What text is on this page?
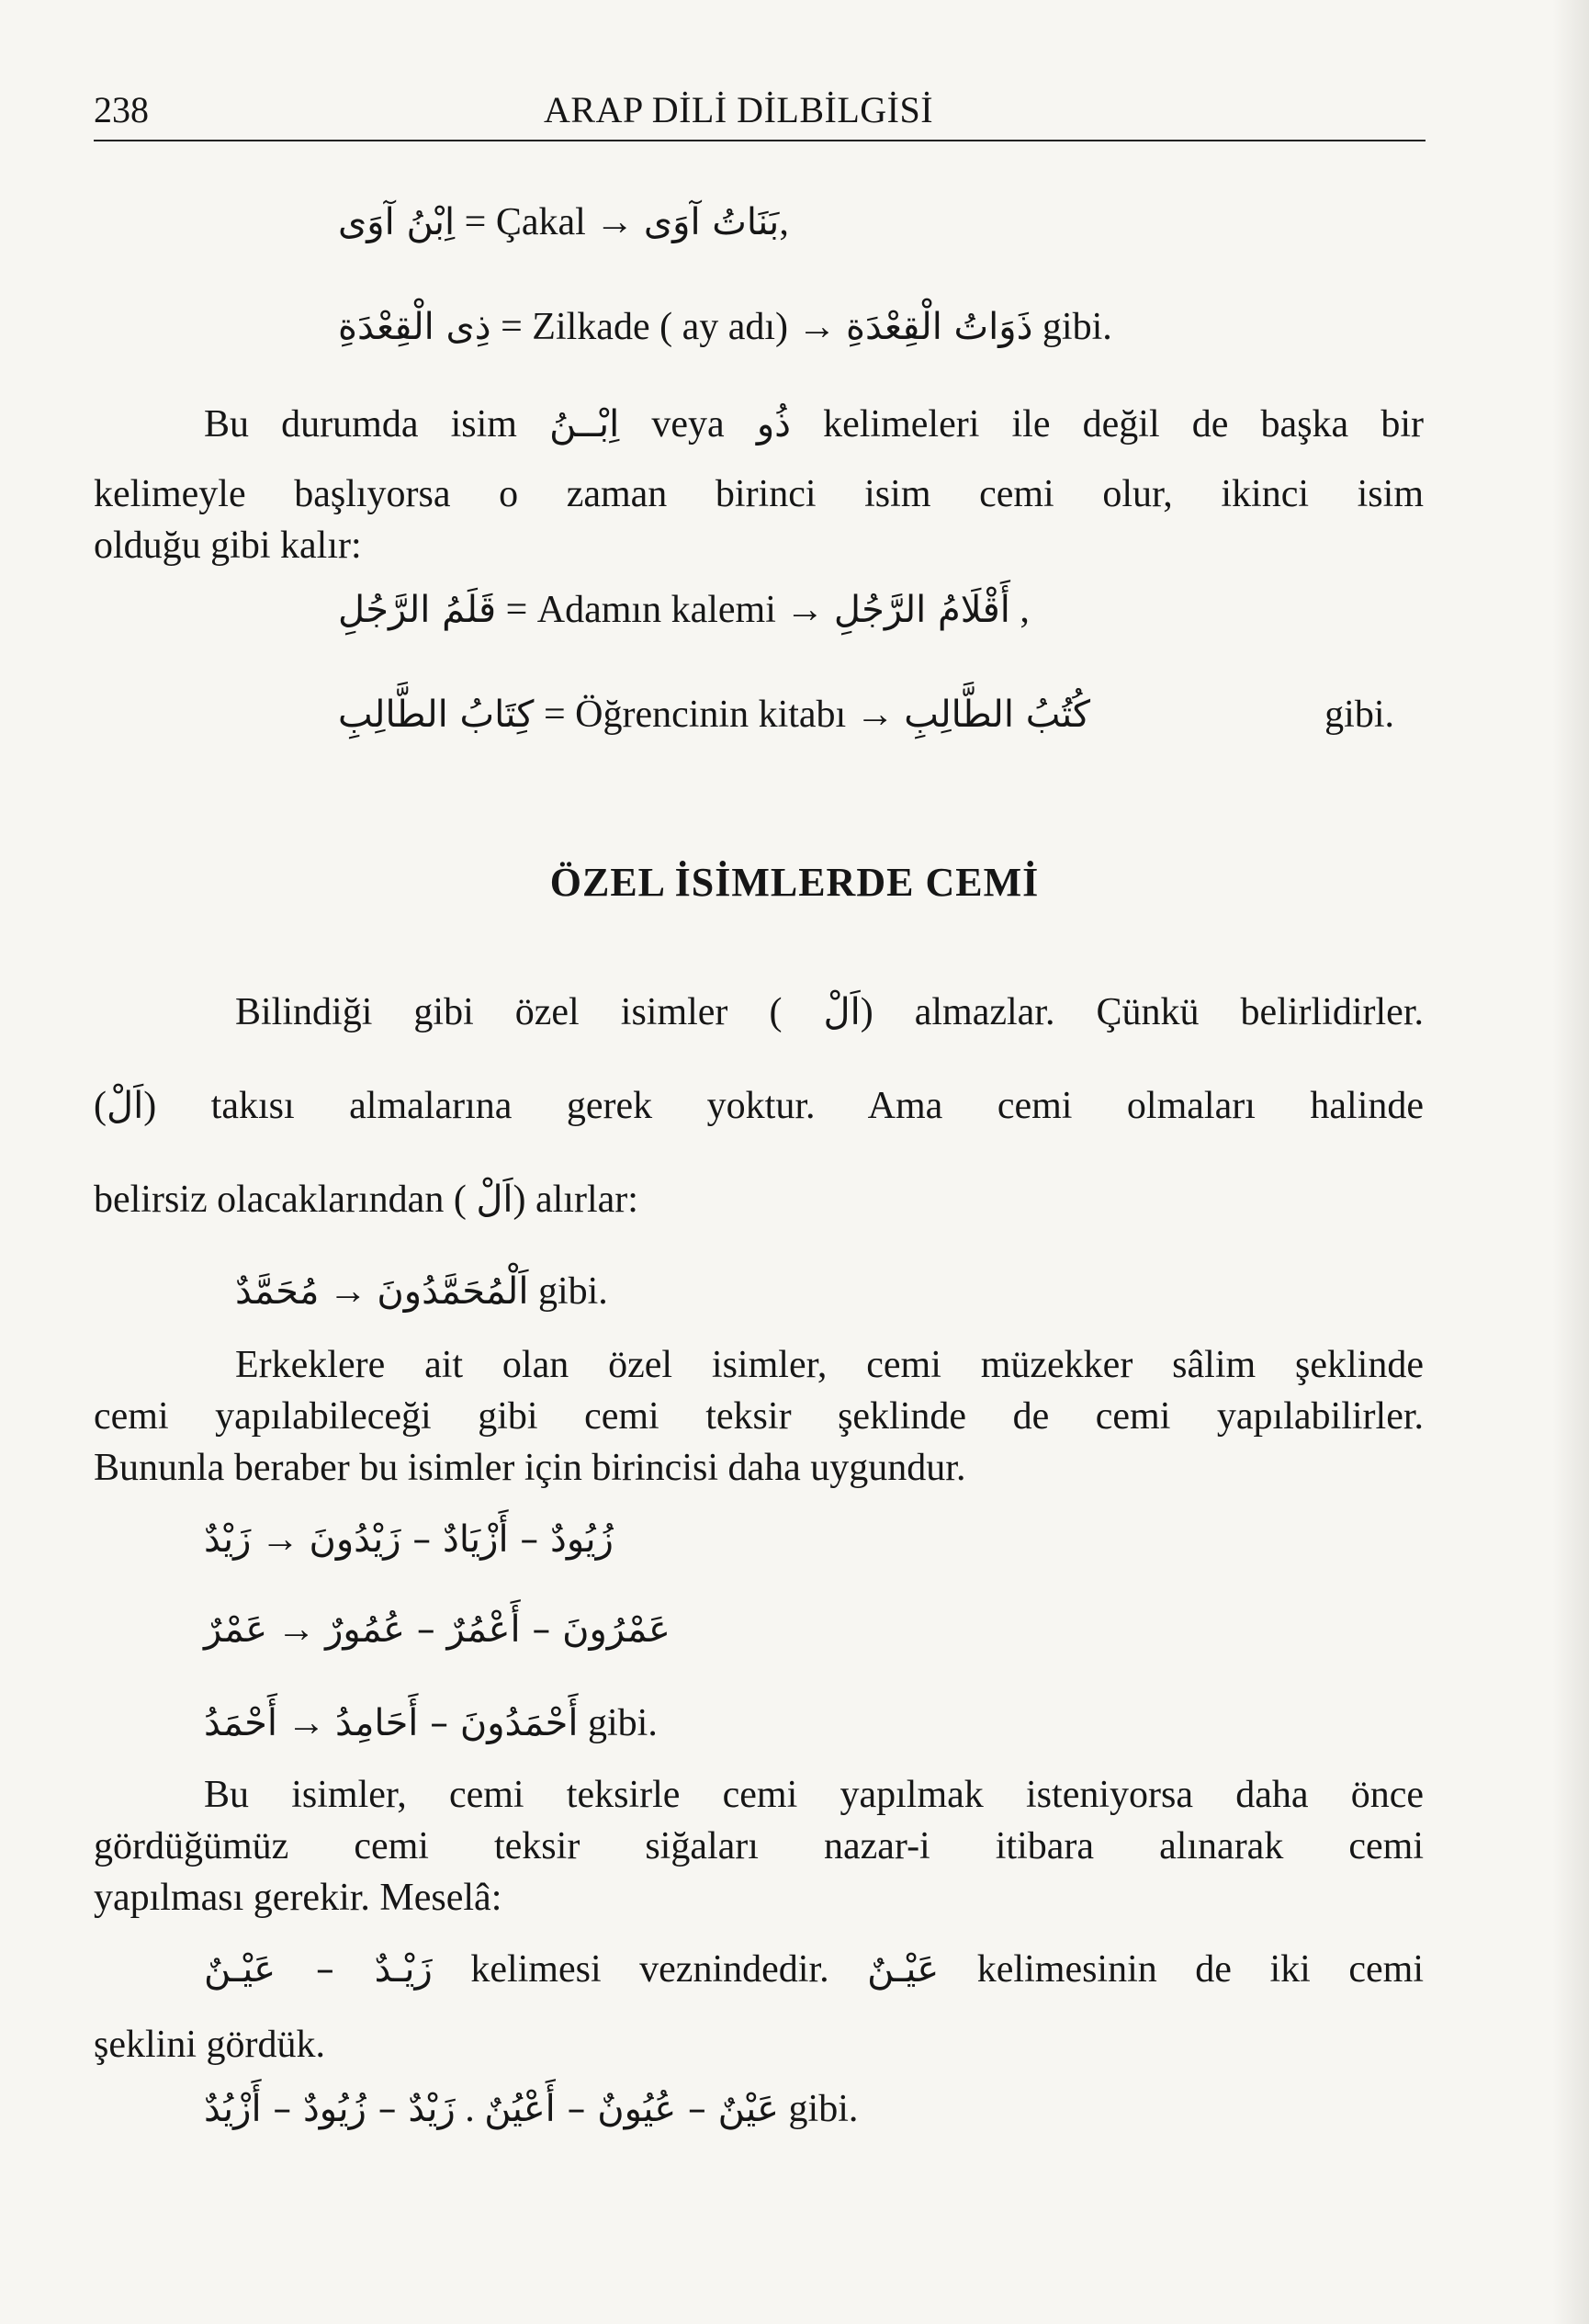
238	ARAP DİLİ DİLBİLGİSİ
اِبْنُ آوَى = Çakal → بَنَاتُ آوَى,
ذِى الْقِعْدَةِ = Zilkade ( ay adı) → ذَوَاتُ الْقِعْدَةِ gibi.
Bu durumda isim اِبْــنُ veya ذُو kelimeleri ile değil de başka bir
kelimeyle başlıyorsa o zaman birinci isim cemi olur, ikinci isim
olduğu gibi kalır:
قَلَمُ الرَّجُلِ = Adamın kalemi → أَقْلَامُ الرَّجُلِ ,
كِتَابُ الطَّالِبِ = Öğrencinin kitabı → كُتُبُ الطَّالِبِ	gibi.
ÖZEL İSİMLERDE CEMİ
Bilindiği gibi özel isimler ( اَلْ) almazlar. Çünkü belirlidirler.
(اَلْ) takısı almalarına gerek yoktur. Ama cemi olmaları halinde
belirsiz olacaklarından ( اَلْ) alırlar:
مُحَمَّدٌ → اَلْمُحَمَّدُونَ gibi.
Erkeklere ait olan özel isimler, cemi müzekker sâlim şeklinde
cemi yapılabileceği gibi cemi teksir şeklinde de cemi yapılabilirler.
Bununla beraber bu isimler için birincisi daha uygundur.
زَيْدٌ → زُيُودٌ – أَزْيَادٌ – زَيْدُونَ
عَمْرٌ → عَمْرُونَ – أَعْمُرٌ – عُمُورٌ
أَحْمَدُ → أَحْمَدُونَ – أَحَامِدُ gibi.
Bu isimler, cemi teksirle cemi yapılmak isteniyorsa daha önce
gördüğümüz cemi teksir siğaları nazar-i itibara alınarak cemi
yapılması gerekir. Meselâ:
زَيْـدٌ – عَيْـنٌ kelimesi veznindedir. عَيْـنٌ kelimesinin de iki cemi
şeklini gördük.
زَيْدٌ – زُيُودٌ – أَزْيُدٌ . عَيْنٌ – عُيُونٌ – أَعْيُنٌ gibi.
